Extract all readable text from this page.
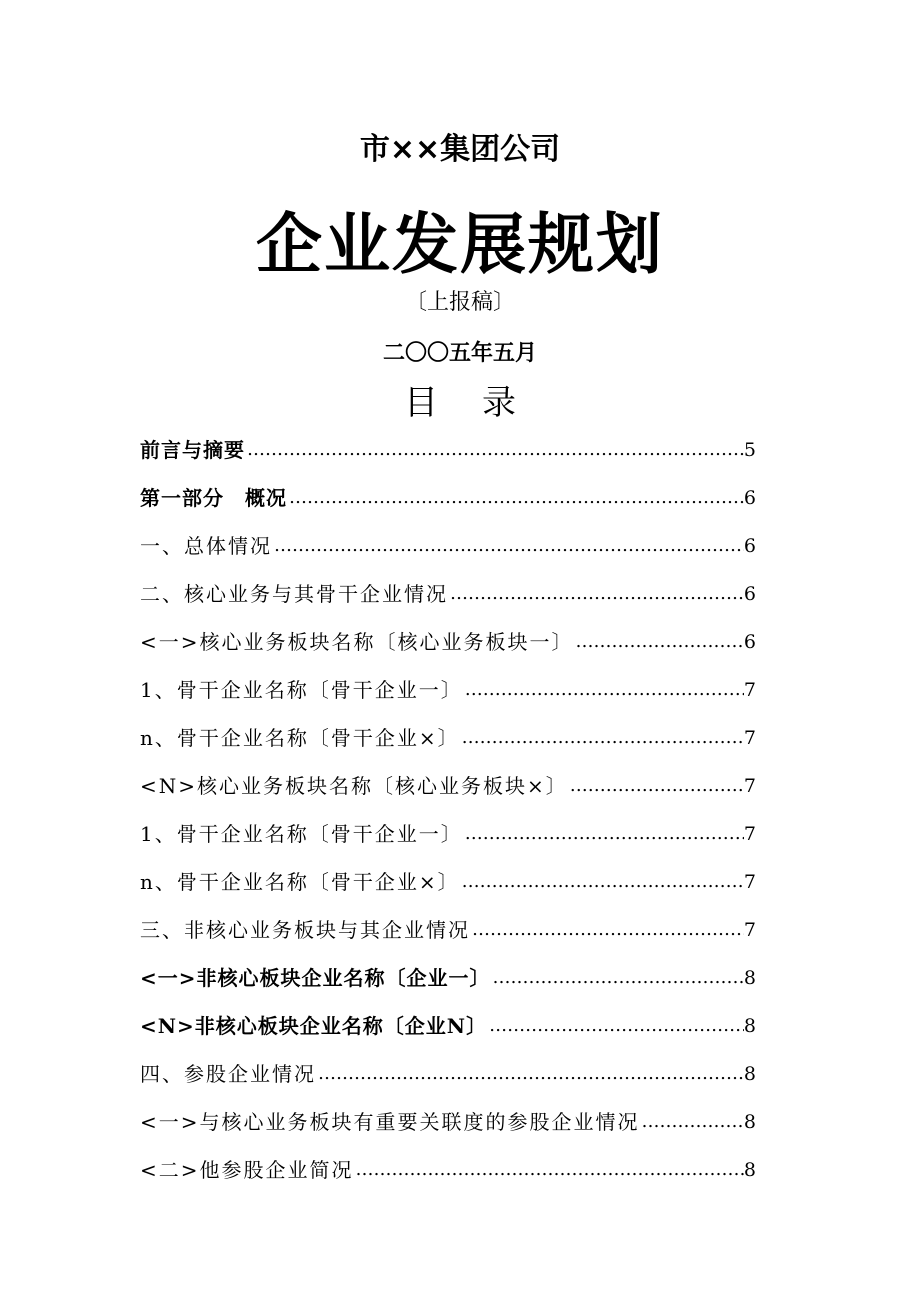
市××集团公司
企业发展规划
〔上报稿〕
二〇〇五年五月
目录
前言与摘要 …………………………………………………………………………………………………………………………	5
第一部分　概况 …………………………………………………………………………………………………………………………	6
一、总体情况 …………………………………………………………………………………………………………………………	6
二、核心业务与其骨干企业情况 …………………………………………………………………………………………………………………………	6
<一>核心业务板块名称〔核心业务板块一〕 …………………………………………………………………………………………………………………………	6
1、骨干企业名称〔骨干企业一〕 …………………………………………………………………………………………………………………………	7
n、骨干企业名称〔骨干企业×〕 …………………………………………………………………………………………………………………………	7
<N>核心业务板块名称〔核心业务板块×〕 …………………………………………………………………………………………………………………………	7
1、骨干企业名称〔骨干企业一〕 …………………………………………………………………………………………………………………………	7
n、骨干企业名称〔骨干企业×〕 …………………………………………………………………………………………………………………………	7
三、非核心业务板块与其企业情况 …………………………………………………………………………………………………………………………	7
<一>非核心板块企业名称〔企业一〕 …………………………………………………………………………………………………………………………	8
<N>非核心板块企业名称〔企业N〕 …………………………………………………………………………………………………………………………	8
四、参股企业情况 …………………………………………………………………………………………………………………………	8
<一>与核心业务板块有重要关联度的参股企业情况 …………………………………………………………………………………………………………………………	8
<二>他参股企业简况 …………………………………………………………………………………………………………………………	8
